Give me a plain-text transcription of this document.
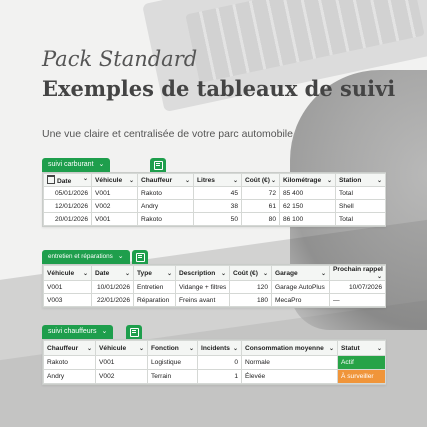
Pack Standard
Exemples de tableaux de suivi
Une vue claire et centralisée de votre parc automobile
suivi carburant ⌄
Date ⌄	Véhicule ⌄	Chauffeur ⌄	Litres ⌄	Coût (€) ⌄	Kilométrage ⌄	Station ⌄

05/01/2026	V001	Rakoto	45	72	85 400	Total
12/01/2026	V002	Andry	38	61	62 150	Shell
20/01/2026	V001	Rakoto	50	80	86 100	Total
entretien et réparations ⌄
Véhicule ⌄	Date ⌄	Type ⌄	Description ⌄	Coût (€) ⌄	Garage ⌄	Prochain rappel
⌄

V001	10/01/2026	Entretien	Vidange + filtres	120	Garage AutoPlus	10/07/2026
V003	22/01/2026	Réparation	Freins avant	180	MecaPro	—
suivi chauffeurs ⌄
Chauffeur ⌄	Véhicule ⌄	Fonction ⌄	Incidents ⌄	Consommation moyenne ⌄	Statut ⌄

Rakoto	V001	Logistique	0	Normale	Actif
Andry	V002	Terrain	1	Élevée	À surveiller
